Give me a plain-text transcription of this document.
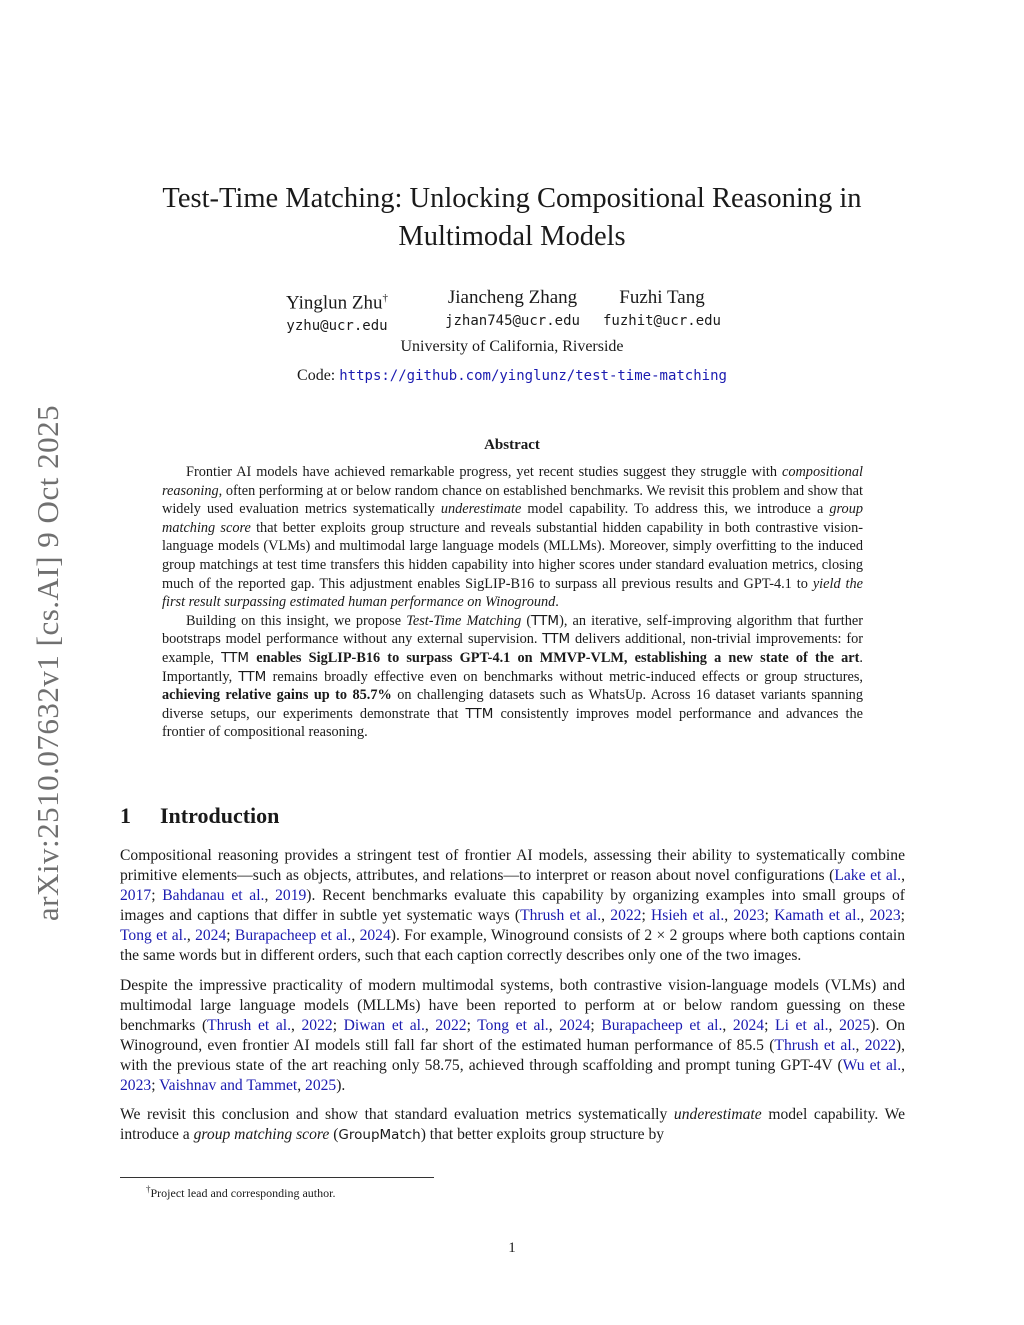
arXiv:2510.07632v1 [cs.AI] 9 Oct 2025
Test-Time Matching: Unlocking Compositional Reasoning in
Multimodal Models
Yinglun Zhu†
yzhu@ucr.edu
Jiancheng Zhang
jzhan745@ucr.edu
Fuzhi Tang
fuzhit@ucr.edu
University of California, Riverside
Code: https://github.com/yinglunz/test-time-matching
Abstract

Frontier AI models have achieved remarkable progress, yet recent studies suggest they struggle with compositional reasoning, often performing at or below random chance on established benchmarks. We revisit this problem and show that widely used evaluation metrics systematically underestimate model capability. To address this, we introduce a group matching score that better exploits group structure and reveals substantial hidden capability in both contrastive vision-language models (VLMs) and multimodal large language models (MLLMs). Moreover, simply overfitting to the induced group matchings at test time transfers this hidden capability into higher scores under standard evaluation metrics, closing much of the reported gap. This adjustment enables SigLIP-B16 to surpass all previous results and GPT-4.1 to yield the first result surpassing estimated human performance on Winoground.

Building on this insight, we propose Test-Time Matching (TTM), an iterative, self-improving algorithm that further bootstraps model performance without any external supervision. TTM delivers additional, non-trivial improvements: for example, TTM enables SigLIP-B16 to surpass GPT-4.1 on MMVP-VLM, establishing a new state of the art. Importantly, TTM remains broadly effective even on benchmarks without metric-induced effects or group structures, achieving relative gains up to 85.7% on challenging datasets such as WhatsUp. Across 16 dataset variants spanning diverse setups, our experiments demonstrate that TTM consistently improves model performance and advances the frontier of compositional reasoning.

1 Introduction

Compositional reasoning provides a stringent test of frontier AI models, assessing their ability to systematically combine primitive elements—such as objects, attributes, and relations—to interpret or reason about novel configurations (Lake et al., 2017; Bahdanau et al., 2019). Recent benchmarks evaluate this capability by organizing examples into small groups of images and captions that differ in subtle yet systematic ways (Thrush et al., 2022; Hsieh et al., 2023; Kamath et al., 2023; Tong et al., 2024; Burapacheep et al., 2024). For example, Winoground consists of 2 × 2 groups where both captions contain the same words but in different orders, such that each caption correctly describes only one of the two images.

Despite the impressive practicality of modern multimodal systems, both contrastive vision-language models (VLMs) and multimodal large language models (MLLMs) have been reported to perform at or below random guessing on these benchmarks (Thrush et al., 2022; Diwan et al., 2022; Tong et al., 2024; Burapacheep et al., 2024; Li et al., 2025). On Winoground, even frontier AI models still fall far short of the estimated human performance of 85.5 (Thrush et al., 2022), with the previous state of the art reaching only 58.75, achieved through scaffolding and prompt tuning GPT-4V (Wu et al., 2023; Vaishnav and Tammet, 2025).

We revisit this conclusion and show that standard evaluation metrics systematically underestimate model capability. We introduce a group matching score (GroupMatch) that better exploits group structure by

†Project lead and corresponding author.
1
